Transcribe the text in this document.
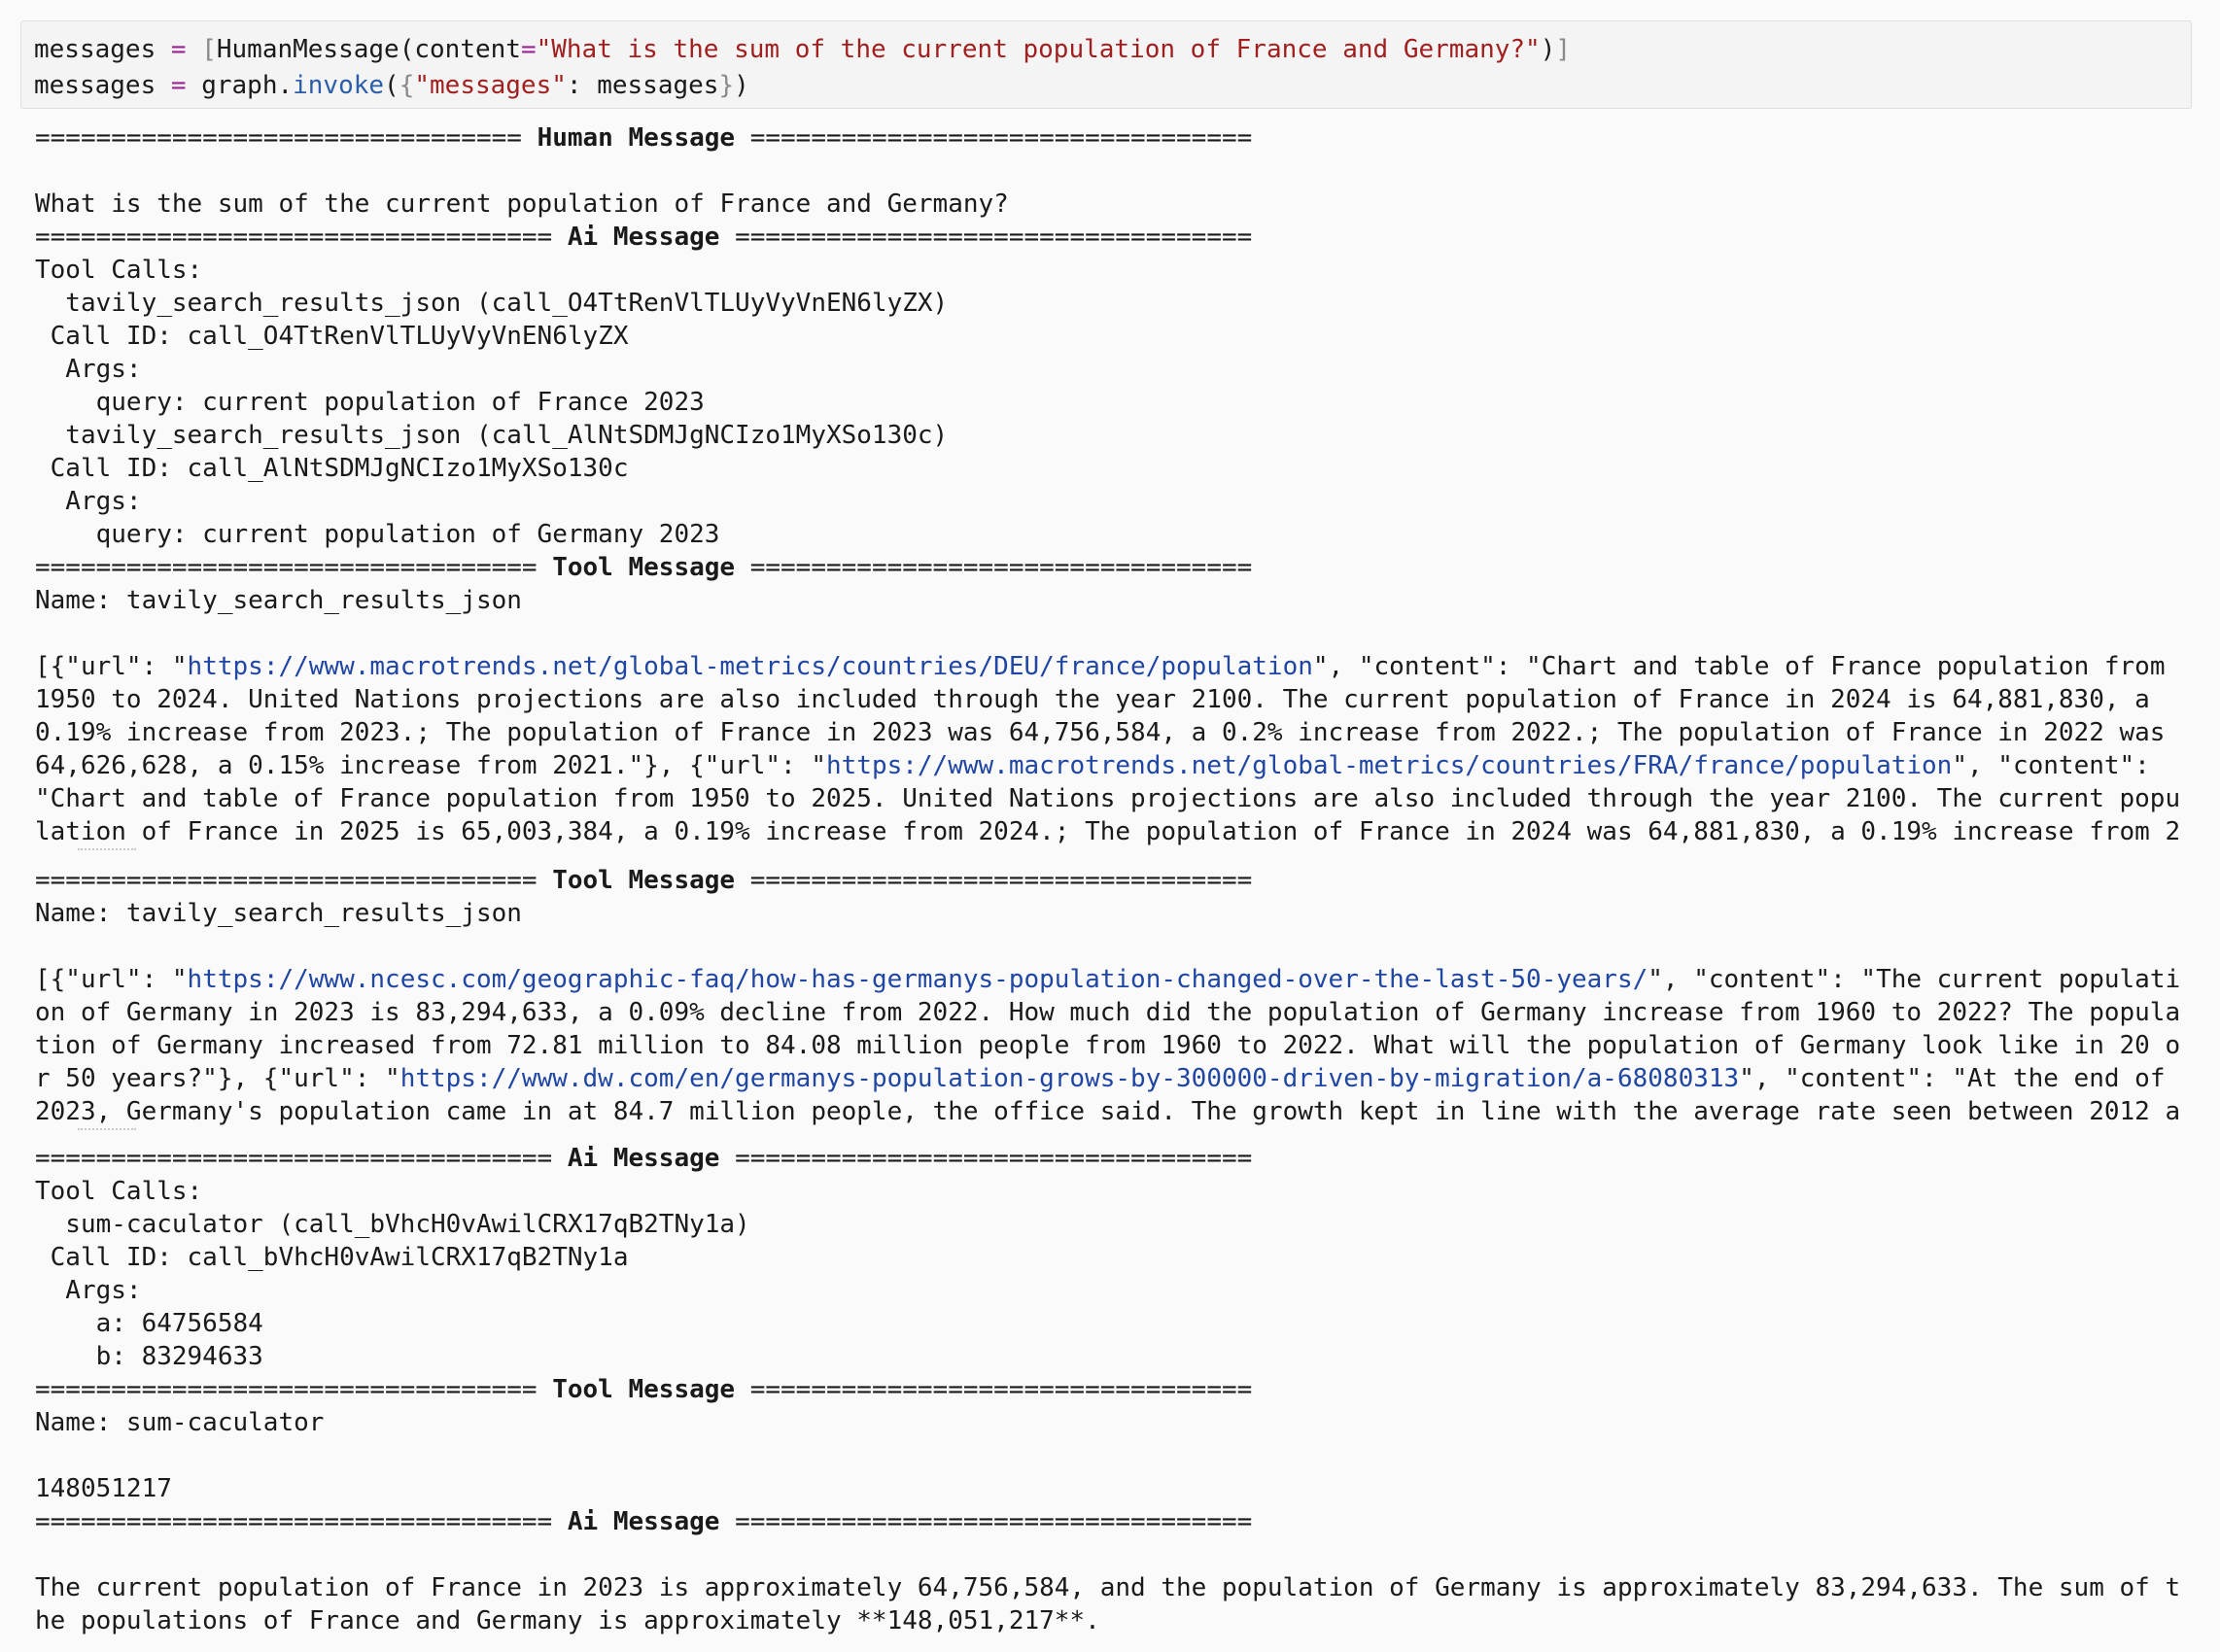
messages = [HumanMessage(content="What is the sum of the current population of France and Germany?")]
messages = graph.invoke({"messages": messages})
================================ Human Message =================================
What is the sum of the current population of France and Germany?
================================== Ai Message ==================================
Tool Calls:
tavily_search_results_json (call_O4TtRenVlTLUyVyVnEN6lyZX)
Call ID: call_O4TtRenVlTLUyVyVnEN6lyZX
Args:
query: current population of France 2023
tavily_search_results_json (call_AlNtSDMJgNCIzo1MyXSo130c)
Call ID: call_AlNtSDMJgNCIzo1MyXSo130c
Args:
query: current population of Germany 2023
================================= Tool Message =================================
Name: tavily_search_results_json
[{"url": "https://www.macrotrends.net/global-metrics/countries/DEU/france/population", "content": "Chart and table of France population from
1950 to 2024. United Nations projections are also included through the year 2100. The current population of France in 2024 is 64,881,830, a
0.19% increase from 2023.; The population of France in 2023 was 64,756,584, a 0.2% increase from 2022.; The population of France in 2022 was
64,626,628, a 0.15% increase from 2021."}, {"url": "https://www.macrotrends.net/global-metrics/countries/FRA/france/population", "content":
"Chart and table of France population from 1950 to 2025. United Nations projections are also included through the year 2100. The current popu
lation of France in 2025 is 65,003,384, a 0.19% increase from 2024.; The population of France in 2024 was 64,881,830, a 0.19% increase from 2
================================= Tool Message =================================
Name: tavily_search_results_json
[{"url": "https://www.ncesc.com/geographic-faq/how-has-germanys-population-changed-over-the-last-50-years/", "content": "The current populati
on of Germany in 2023 is 83,294,633, a 0.09% decline from 2022. How much did the population of Germany increase from 1960 to 2022? The popula
tion of Germany increased from 72.81 million to 84.08 million people from 1960 to 2022. What will the population of Germany look like in 20 o
r 50 years?"}, {"url": "https://www.dw.com/en/germanys-population-grows-by-300000-driven-by-migration/a-68080313", "content": "At the end of
2023, Germany's population came in at 84.7 million people, the office said. The growth kept in line with the average rate seen between 2012 a
================================== Ai Message ==================================
Tool Calls:
sum-caculator (call_bVhcH0vAwilCRX17qB2TNy1a)
Call ID: call_bVhcH0vAwilCRX17qB2TNy1a
Args:
a: 64756584
b: 83294633
================================= Tool Message =================================
Name: sum-caculator
148051217
================================== Ai Message ==================================
The current population of France in 2023 is approximately 64,756,584, and the population of Germany is approximately 83,294,633. The sum of t
he populations of France and Germany is approximately **148,051,217**.
